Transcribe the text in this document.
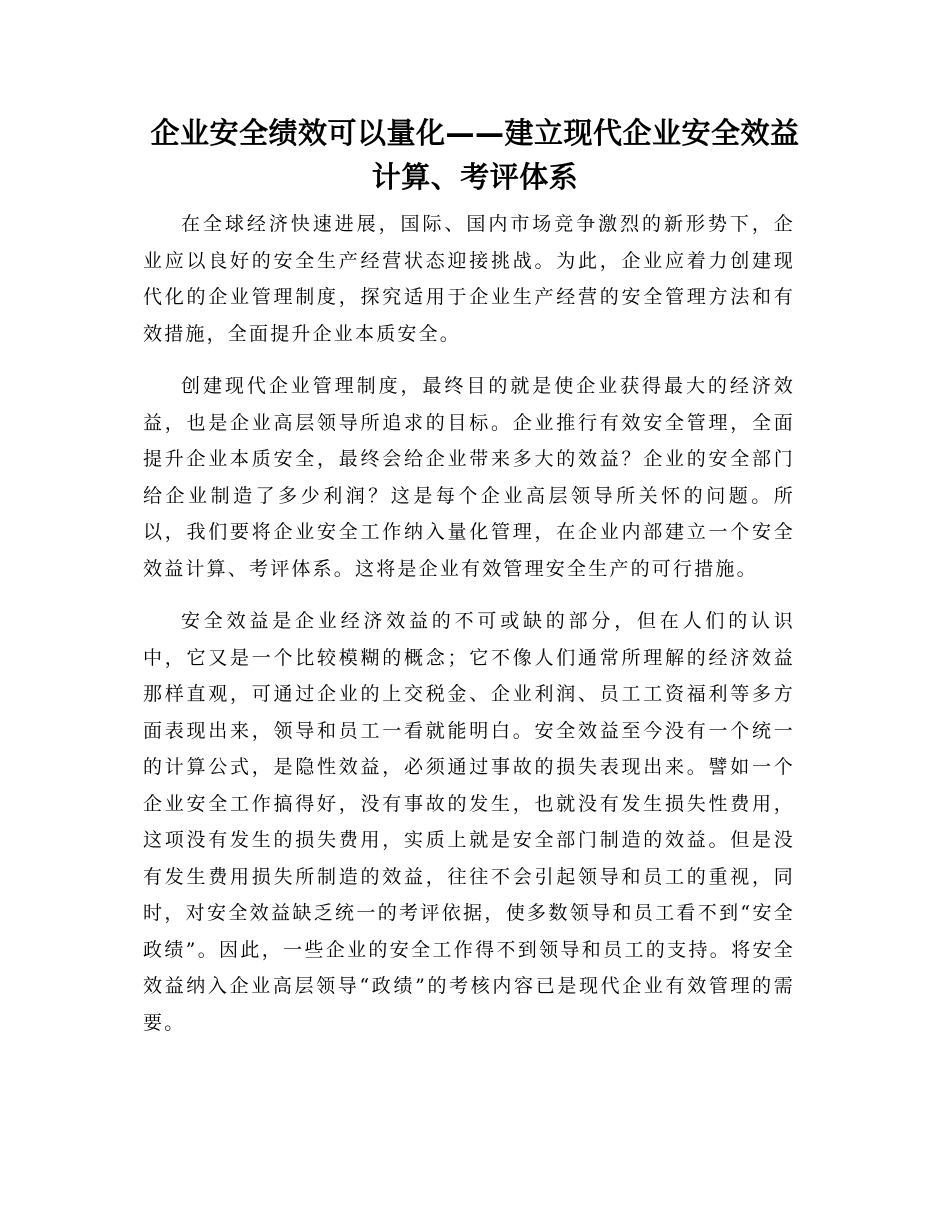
企业安全绩效可以量化——建立现代企业安全效益计算、考评体系

在全球经济快速进展，国际、国内市场竞争激烈的新形势下，企业应以良好的安全生产经营状态迎接挑战。为此，企业应着力创建现代化的企业管理制度，探究适用于企业生产经营的安全管理方法和有效措施，全面提升企业本质安全。

创建现代企业管理制度，最终目的就是使企业获得最大的经济效益，也是企业高层领导所追求的目标。企业推行有效安全管理，全面提升企业本质安全，最终会给企业带来多大的效益？企业的安全部门给企业制造了多少利润？这是每个企业高层领导所关怀的问题。所以，我们要将企业安全工作纳入量化管理，在企业内部建立一个安全效益计算、考评体系。这将是企业有效管理安全生产的可行措施。

安全效益是企业经济效益的不可或缺的部分，但在人们的认识中，它又是一个比较模糊的概念；它不像人们通常所理解的经济效益那样直观，可通过企业的上交税金、企业利润、员工工资福利等多方面表现出来，领导和员工一看就能明白。安全效益至今没有一个统一的计算公式，是隐性效益，必须通过事故的损失表现出来。譬如一个企业安全工作搞得好，没有事故的发生，也就没有发生损失性费用，这项没有发生的损失费用，实质上就是安全部门制造的效益。但是没有发生费用损失所制造的效益，往往不会引起领导和员工的重视，同时，对安全效益缺乏统一的考评依据，使多数领导和员工看不到“安全政绩”。因此，一些企业的安全工作得不到领导和员工的支持。将安全效益纳入企业高层领导“政绩”的考核内容已是现代企业有效管理的需要。
